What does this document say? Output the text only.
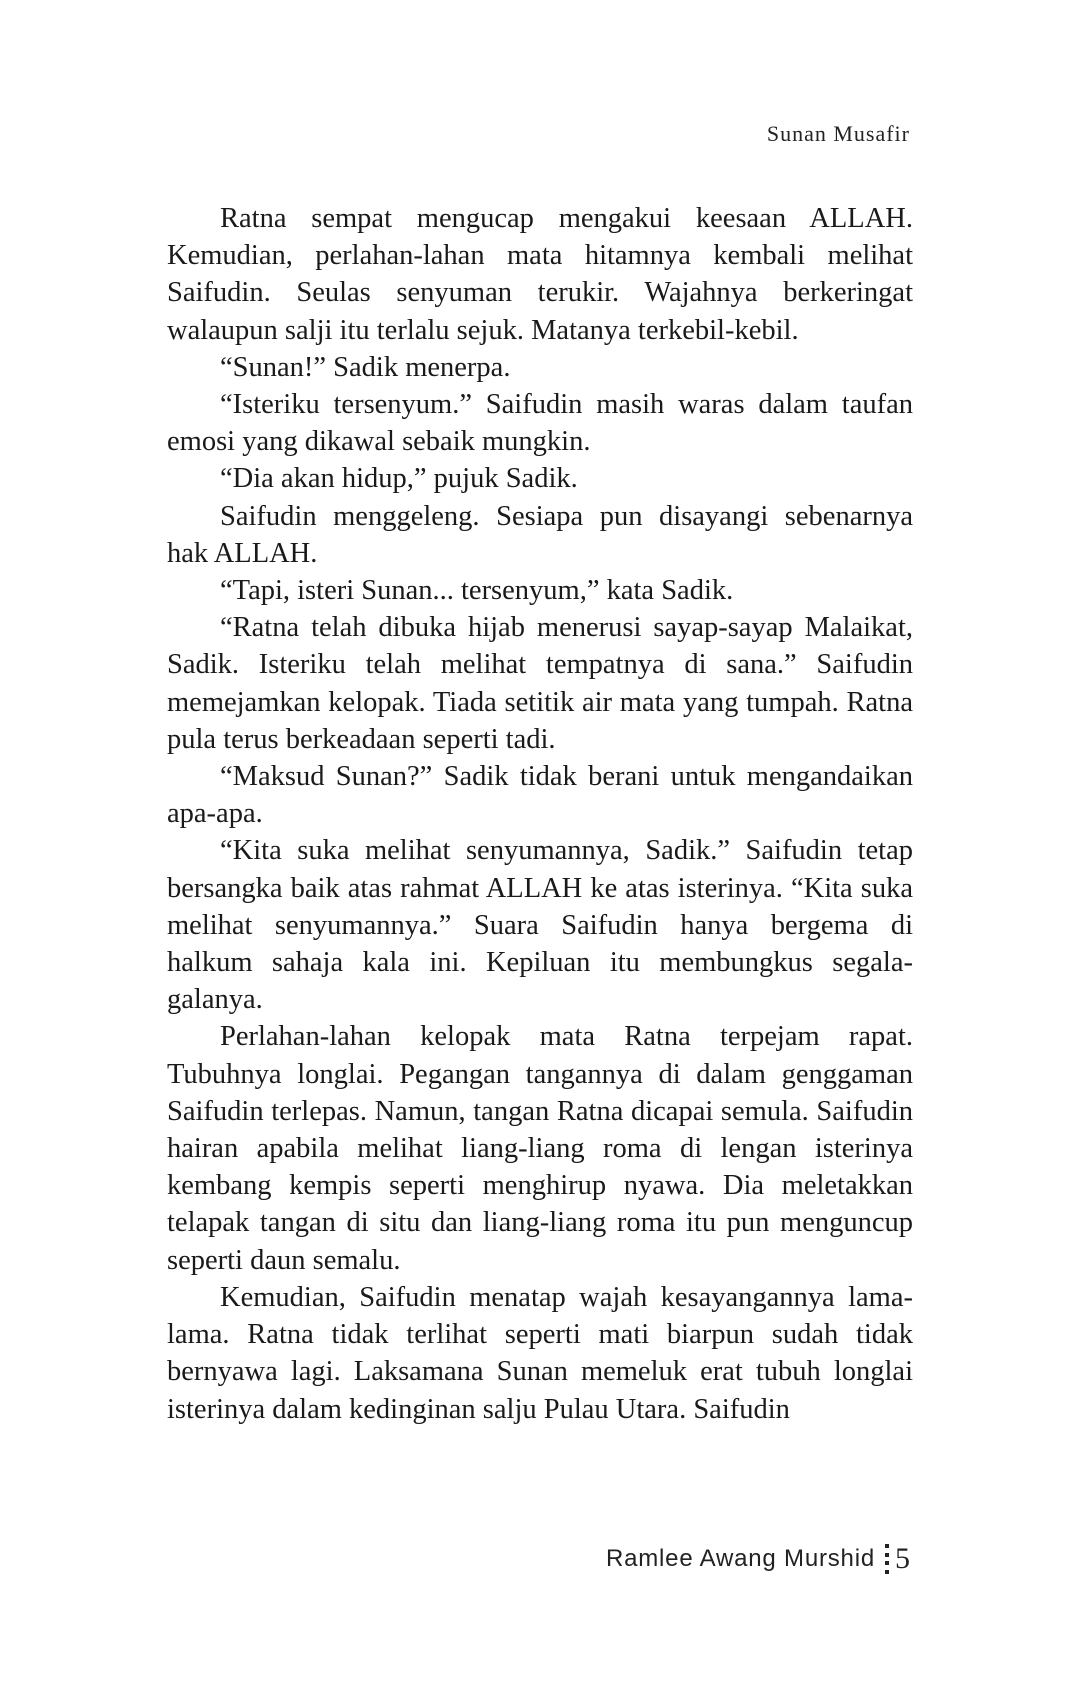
Sunan Musafir

Ratna sempat mengucap mengakui keesaan ALLAH. Kemudian, perlahan-lahan mata hitamnya kembali melihat Saifudin. Seulas senyuman terukir. Wajahnya berkeringat walaupun salji itu terlalu sejuk. Matanya terkebil-kebil.

“Sunan!” Sadik menerpa.

“Isteriku tersenyum.” Saifudin masih waras dalam taufan emosi yang dikawal sebaik mungkin.

“Dia akan hidup,” pujuk Sadik.

Saifudin menggeleng. Sesiapa pun disayangi sebenarnya hak ALLAH.

“Tapi, isteri Sunan... tersenyum,” kata Sadik.

“Ratna telah dibuka hijab menerusi sayap-sayap Malaikat, Sadik. Isteriku telah melihat tempatnya di sana.” Saifudin memejamkan kelopak. Tiada setitik air mata yang tumpah. Ratna pula terus berkeadaan seperti tadi.

“Maksud Sunan?” Sadik tidak berani untuk mengandaikan apa-apa.

“Kita suka melihat senyumannya, Sadik.” Saifudin tetap bersangka baik atas rahmat ALLAH ke atas isterinya. “Kita suka melihat senyumannya.” Suara Saifudin hanya bergema di halkum sahaja kala ini. Kepiluan itu membungkus segala-galanya.

Perlahan-lahan kelopak mata Ratna terpejam rapat. Tubuhnya longlai. Pegangan tangannya di dalam genggaman Saifudin terlepas. Namun, tangan Ratna dicapai semula. Saifudin hairan apabila melihat liang-liang roma di lengan isterinya kembang kempis seperti menghirup nyawa. Dia meletakkan telapak tangan di situ dan liang-liang roma itu pun menguncup seperti daun semalu.

Kemudian, Saifudin menatap wajah kesayangannya lama-lama. Ratna tidak terlihat seperti mati biarpun sudah tidak bernyawa lagi. Laksamana Sunan memeluk erat tubuh longlai isterinya dalam kedinginan salju Pulau Utara. Saifudin

Ramlee Awang Murshid 5
